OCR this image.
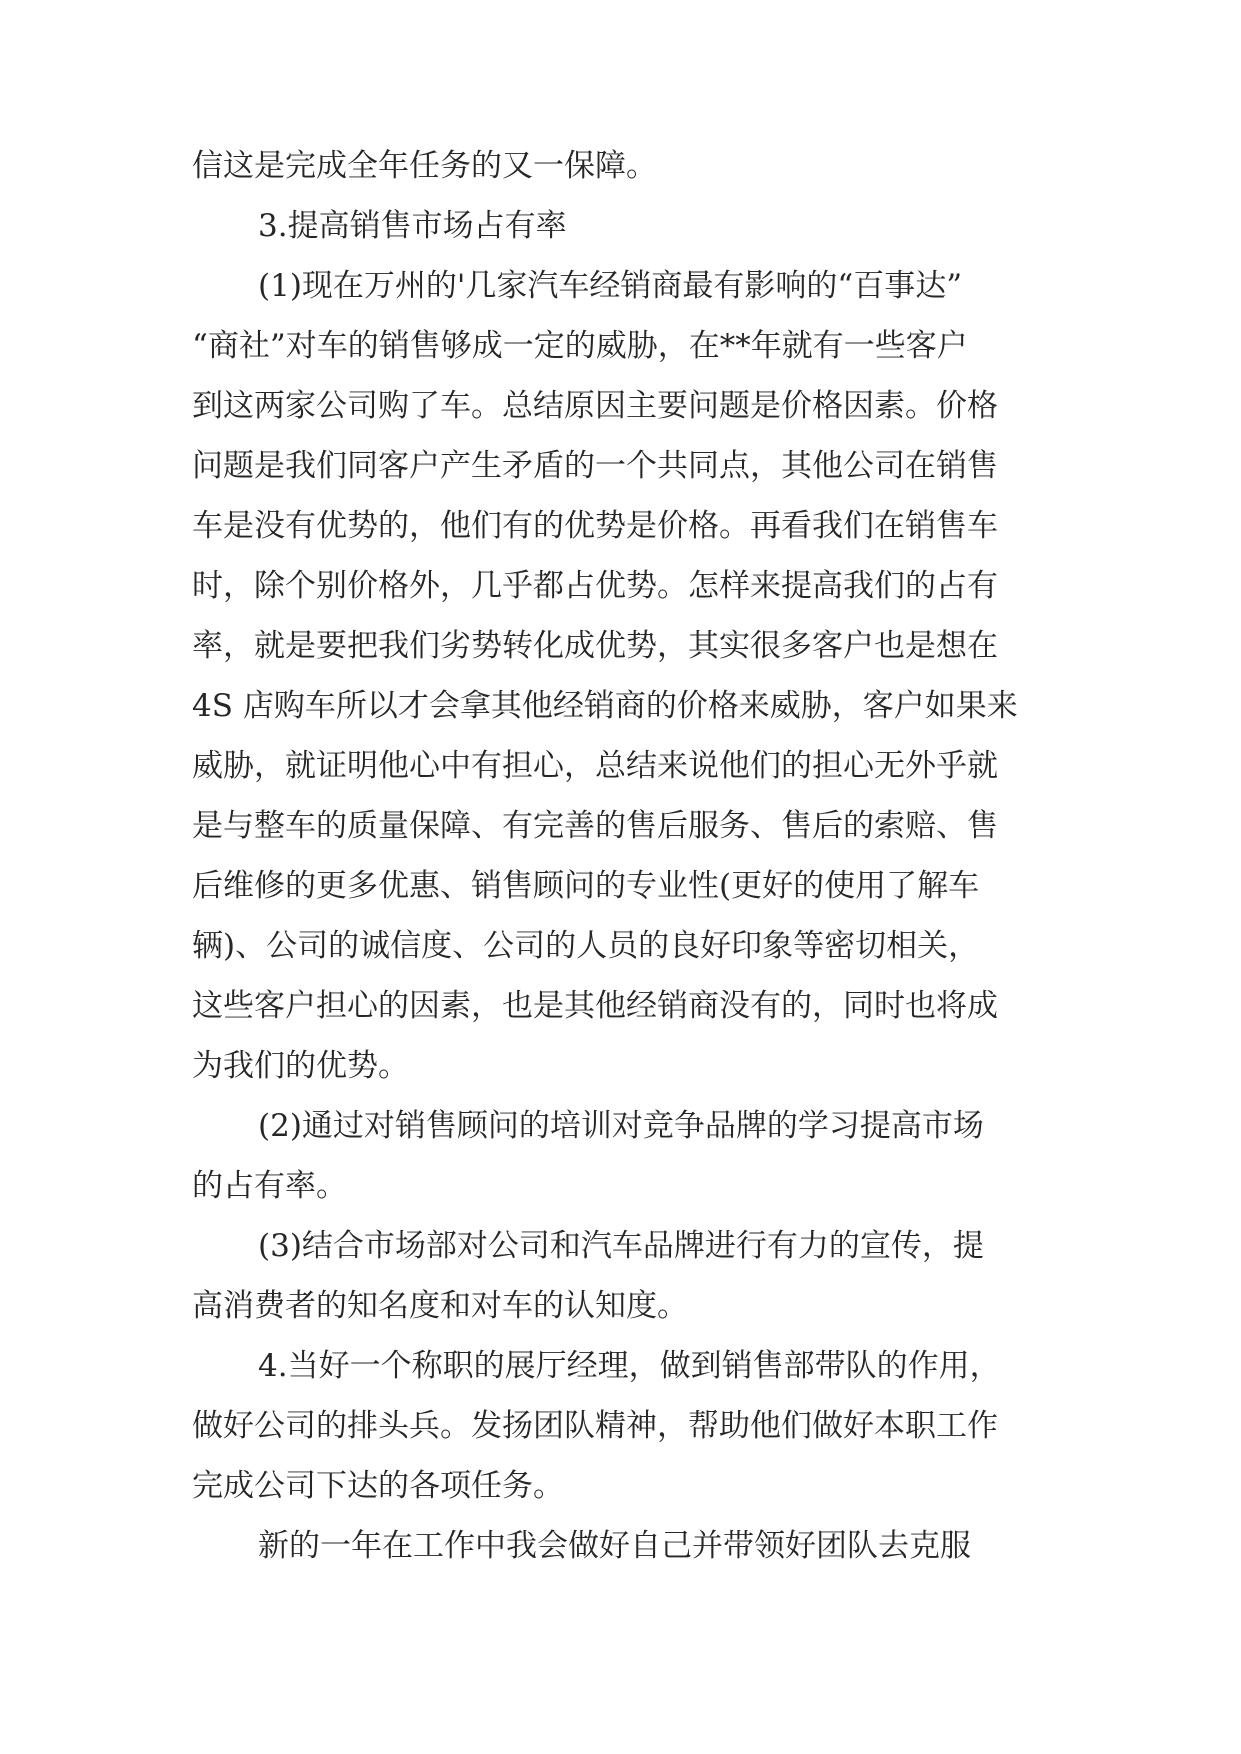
信这是完成全年任务的又一保障。
3.提高销售市场占有率
(1)现在万州的'几家汽车经销商最有影响的“百事达”
“商社”对车的销售够成一定的威胁，在**年就有一些客户
到这两家公司购了车。总结原因主要问题是价格因素。价格
问题是我们同客户产生矛盾的一个共同点，其他公司在销售
车是没有优势的，他们有的优势是价格。再看我们在销售车
时，除个别价格外，几乎都占优势。怎样来提高我们的占有
率，就是要把我们劣势转化成优势，其实很多客户也是想在
4S 店购车所以才会拿其他经销商的价格来威胁，客户如果来
威胁，就证明他心中有担心，总结来说他们的担心无外乎就
是与整车的质量保障、有完善的售后服务、售后的索赔、售
后维修的更多优惠、销售顾问的专业性(更好的使用了解车
辆)、公司的诚信度、公司的人员的良好印象等密切相关，
这些客户担心的因素，也是其他经销商没有的，同时也将成
为我们的优势。
(2)通过对销售顾问的培训对竞争品牌的学习提高市场
的占有率。
(3)结合市场部对公司和汽车品牌进行有力的宣传，提
高消费者的知名度和对车的认知度。
4.当好一个称职的展厅经理，做到销售部带队的作用，
做好公司的排头兵。发扬团队精神，帮助他们做好本职工作
完成公司下达的各项任务。
新的一年在工作中我会做好自己并带领好团队去克服
